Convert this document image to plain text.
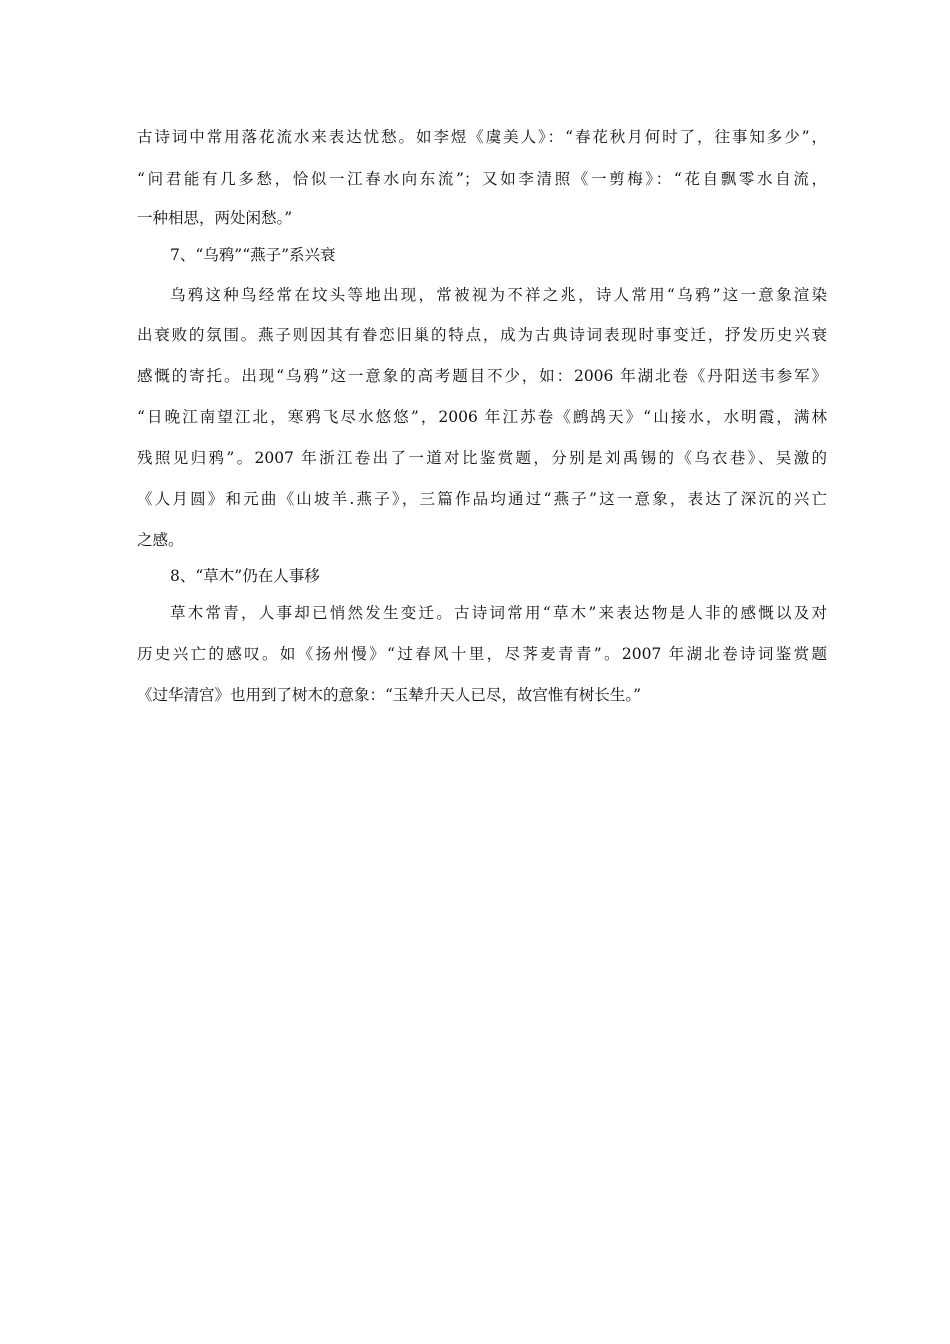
古诗词中常用落花流水来表达忧愁。如李煜《虞美人》：“春花秋月何时了，往事知多少”，
“问君能有几多愁，恰似一江春水向东流”；又如李清照《一剪梅》：“花自飘零水自流，
一种相思，两处闲愁。”
7、“乌鸦”“燕子”系兴衰
乌鸦这种鸟经常在坟头等地出现，常被视为不祥之兆，诗人常用“乌鸦”这一意象渲染
出衰败的氛围。燕子则因其有眷恋旧巢的特点，成为古典诗词表现时事变迁，抒发历史兴衰
感慨的寄托。出现“乌鸦”这一意象的高考题目不少，如：2006 年湖北卷《丹阳送韦参军》
“日晚江南望江北，寒鸦飞尽水悠悠”，2006 年江苏卷《鹧鸪天》“山接水，水明霞，满林
残照见归鸦”。2007 年浙江卷出了一道对比鉴赏题，分别是刘禹锡的《乌衣巷》、吴激的
《人月圆》和元曲《山坡羊.燕子》，三篇作品均通过“燕子”这一意象，表达了深沉的兴亡
之感。
8、“草木”仍在人事移
草木常青，人事却已悄然发生变迁。古诗词常用“草木”来表达物是人非的感慨以及对
历史兴亡的感叹。如《扬州慢》“过春风十里，尽荠麦青青”。2007 年湖北卷诗词鉴赏题
《过华清宫》也用到了树木的意象：“玉辇升天人已尽，故宫惟有树长生。”
